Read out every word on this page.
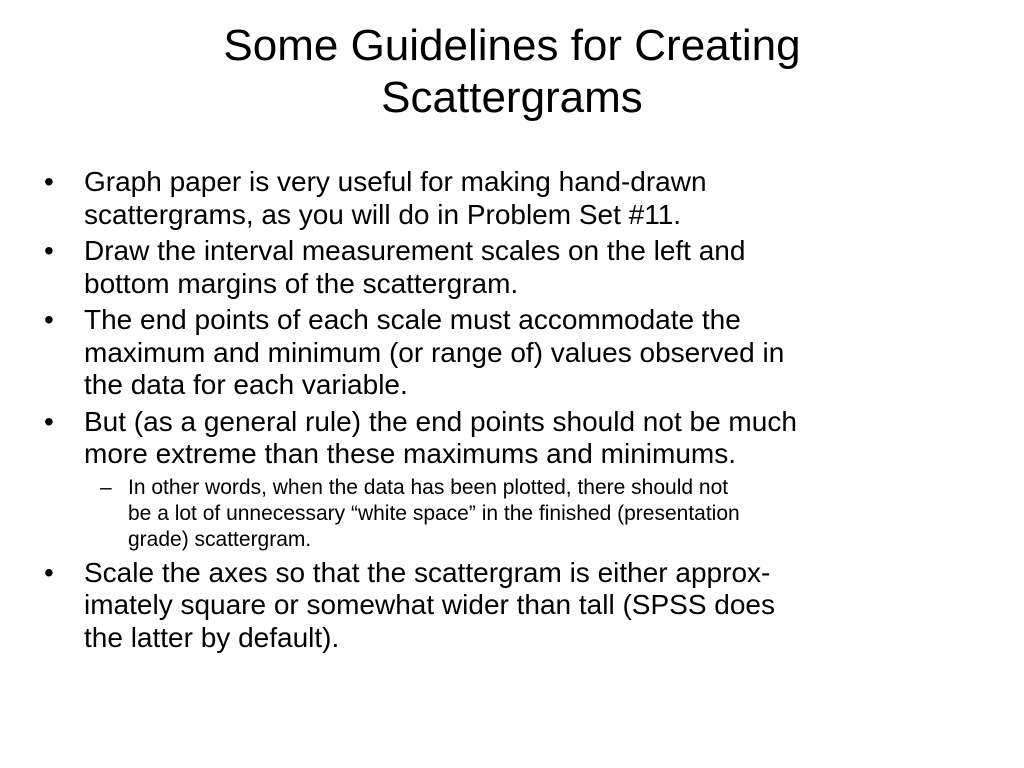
Some Guidelines for Creating
Scattergrams
•	Graph paper is very useful for making hand-drawn
scattergrams, as you will do in Problem Set #11.
•	Draw the interval measurement scales on the left and
bottom margins of the scattergram.
•	The end points of each scale must accommodate the
maximum and minimum (or range of) values observed in
the data for each variable.
•	But (as a general rule) the end points should not be much
more extreme than these maximums and minimums.
– In other words, when the data has been plotted, there should not
be a lot of unnecessary “white space” in the finished (presentation
grade) scattergram.
•	Scale the axes so that the scattergram is either approx-
imately square or somewhat wider than tall (SPSS does
the latter by default).
